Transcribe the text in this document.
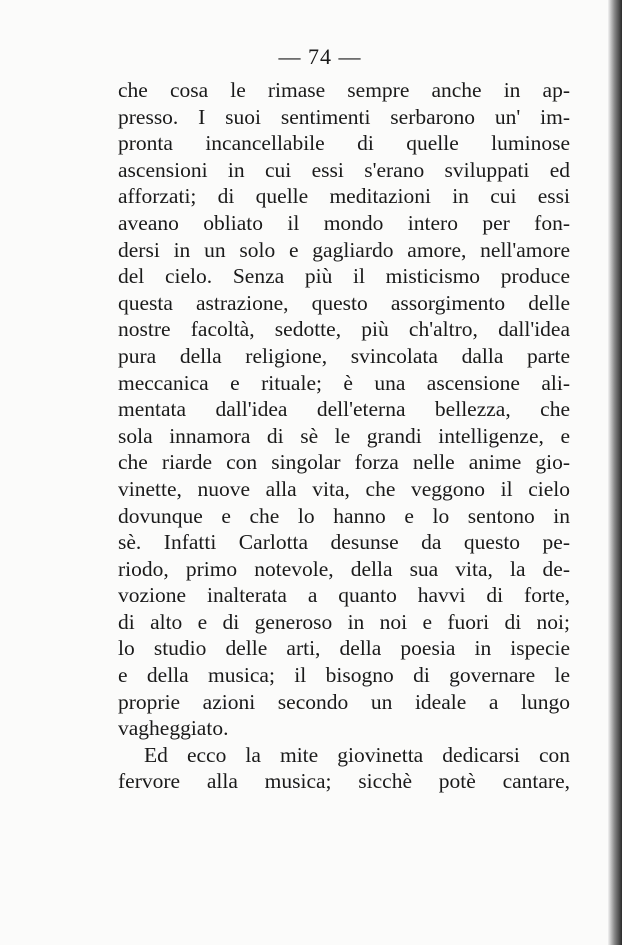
— 74 —
che cosa le rimase sempre anche in ap-
presso. I suoi sentimenti serbarono un' im-
pronta incancellabile di quelle luminose
ascensioni in cui essi s'erano sviluppati ed
afforzati; di quelle meditazioni in cui essi
aveano obliato il mondo intero per fon-
dersi in un solo e gagliardo amore, nell'amore
del cielo. Senza più il misticismo produce
questa astrazione, questo assorgimento delle
nostre facoltà, sedotte, più ch'altro, dall'idea
pura della religione, svincolata dalla parte
meccanica e rituale; è una ascensione ali-
mentata dall'idea dell'eterna bellezza, che
sola innamora di sè le grandi intelligenze, e
che riarde con singolar forza nelle anime gio-
vinette, nuove alla vita, che veggono il cielo
dovunque e che lo hanno e lo sentono in
sè. Infatti Carlotta desunse da questo pe-
riodo, primo notevole, della sua vita, la de-
vozione inalterata a quanto havvi di forte,
di alto e di generoso in noi e fuori di noi;
lo studio delle arti, della poesia in ispecie
e della musica; il bisogno di governare le
proprie azioni secondo un ideale a lungo
vagheggiato.
Ed ecco la mite giovinetta dedicarsi con
fervore alla musica; sicchè potè cantare,
